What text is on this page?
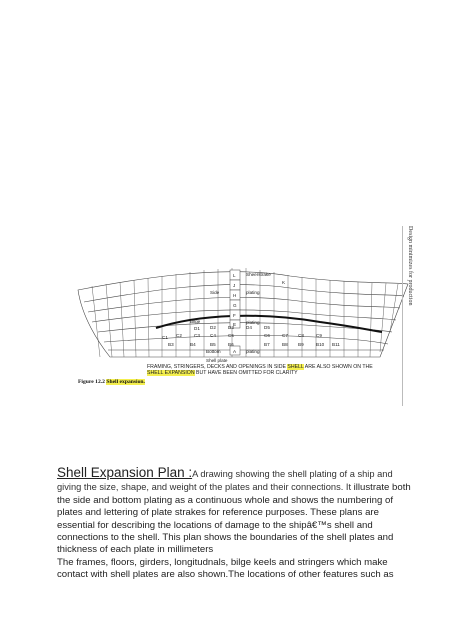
Sheerstrake
L
K
Side
J
plating
H
G
F
Bilge
E plating
D1 D2	D3	D4	D5
C1 C2	C3 C4	C5	C6	C7 C8	C9
B3	B4	B5	B6	B7	B8 B9	B10 B11
Bottom	A plating
Shell plate
Design minimizes for production
FRAMING, STRINGERS, DECKS AND OPENINGS IN SIDE SHELL ARE ALSO SHOWN ON THE
SHELL EXPANSION BUT HAVE BEEN OMITTED FOR CLARITY
Figure 12.2 Shell expansion.
Shell Expansion Plan :A drawing showing the shell plating of a ship and giving the size, shape, and weight of the plates and their connections. It illustrate both the side and bottom plating as a continuous whole and shows the numbering of plates and lettering of plate strakes for reference purposes. These plans are essential for describing the locations of damage to the shipâ€™s shell and connections to the shell. This plan shows the boundaries of the shell plates and thickness of each plate in millimeters
The frames, floors, girders, longitudnals, bilge keels and stringers which make contact with shell plates are also shown.The locations of other features such as
